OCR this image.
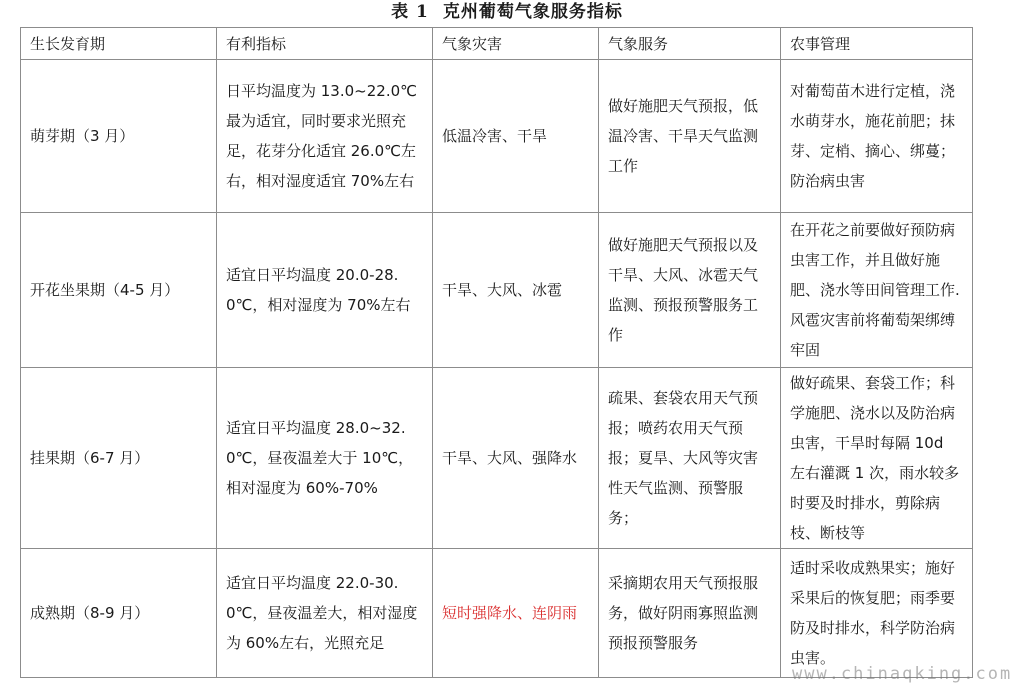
表 1 克州葡萄气象服务指标
生长发育期	有利指标	气象灾害	气象服务	农事管理
萌芽期（3 月）	日平均温度为 13.0~22.0℃最为适宜，同时要求光照充足，花芽分化适宜 26.0℃左右，相对湿度适宜 70%左右	低温冷害、干旱	做好施肥天气预报，低温冷害、干旱天气监测工作	对葡萄苗木进行定植，浇水萌芽水，施花前肥；抹芽、定梢、摘心、绑蔓；防治病虫害
开花坐果期（4-5 月）	适宜日平均温度 20.0-28.0℃，相对湿度为 70%左右	干旱、大风、冰雹	做好施肥天气预报以及干旱、大风、冰雹天气监测、预报预警服务工作	在开花之前要做好预防病虫害工作，并且做好施肥、浇水等田间管理工作.风雹灾害前将葡萄架绑缚牢固
挂果期（6-7 月）	适宜日平均温度 28.0~32.0℃，昼夜温差大于 10℃，相对湿度为 60%-70%	干旱、大风、强降水	疏果、套袋农用天气预报；喷药农用天气预报；夏旱、大风等灾害性天气监测、预警服务；	做好疏果、套袋工作；科学施肥、浇水以及防治病虫害，干旱时每隔 10d 左右灌溉 1 次，雨水较多时要及时排水，剪除病枝、断枝等
成熟期（8-9 月）	适宜日平均温度 22.0-30.0℃，昼夜温差大，相对湿度为 60%左右，光照充足	短时强降水、连阴雨	采摘期农用天气预报服务，做好阴雨寡照监测预报预警服务	适时采收成熟果实；施好采果后的恢复肥；雨季要防及时排水，科学防治病虫害。
www.chinaqking.com
